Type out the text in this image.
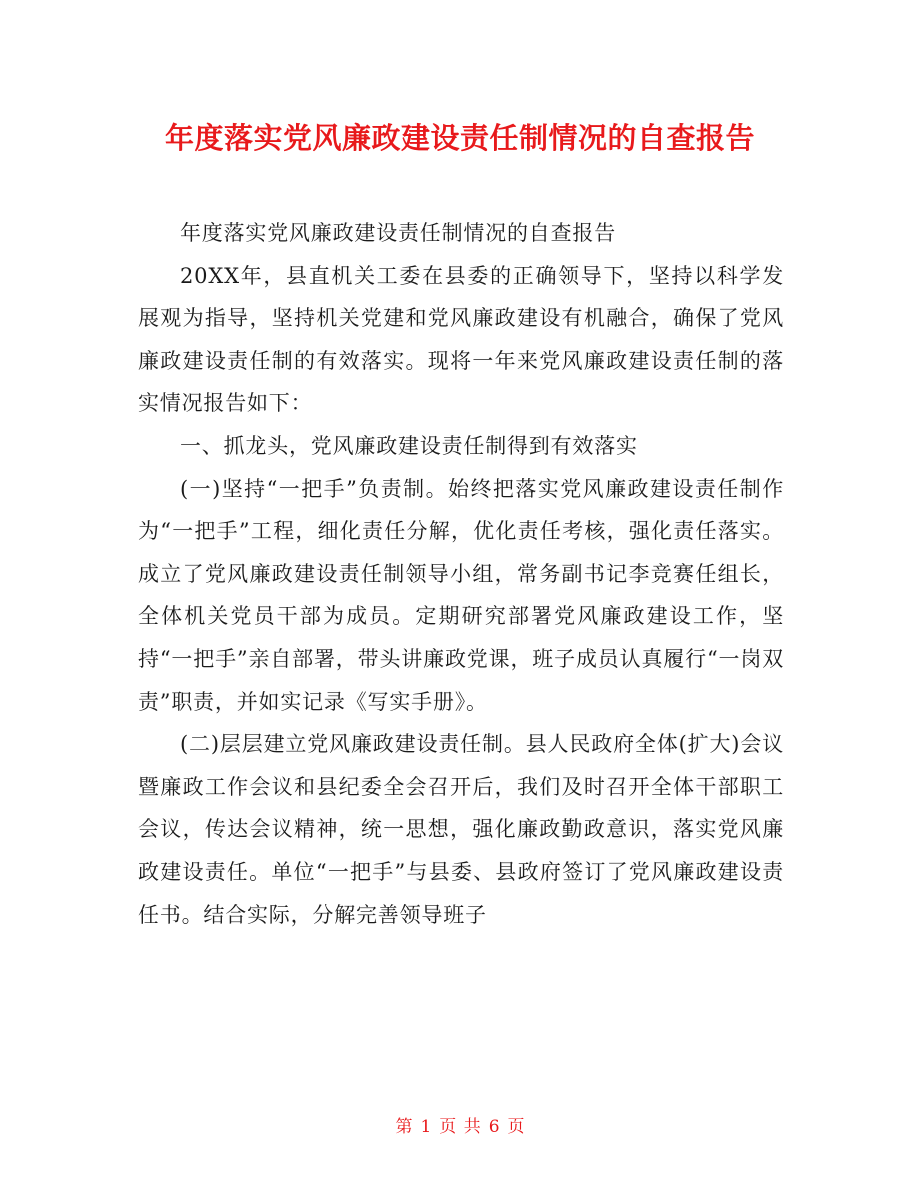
年度落实党风廉政建设责任制情况的自查报告

年度落实党风廉政建设责任制情况的自查报告

20XX年，县直机关工委在县委的正确领导下，坚持以科学发展观为指导，坚持机关党建和党风廉政建设有机融合，确保了党风廉政建设责任制的有效落实。现将一年来党风廉政建设责任制的落实情况报告如下：

一、抓龙头，党风廉政建设责任制得到有效落实

(一)坚持“一把手”负责制。始终把落实党风廉政建设责任制作为“一把手”工程，细化责任分解，优化责任考核，强化责任落实。成立了党风廉政建设责任制领导小组，常务副书记李竞赛任组长，全体机关党员干部为成员。定期研究部署党风廉政建设工作，坚持“一把手”亲自部署，带头讲廉政党课，班子成员认真履行“一岗双责”职责，并如实记录《写实手册》。

(二)层层建立党风廉政建设责任制。县人民政府全体(扩大)会议暨廉政工作会议和县纪委全会召开后，我们及时召开全体干部职工会议，传达会议精神，统一思想，强化廉政勤政意识，落实党风廉政建设责任。单位“一把手”与县委、县政府签订了党风廉政建设责任书。结合实际，分解完善领导班子

第 1 页 共 6 页
